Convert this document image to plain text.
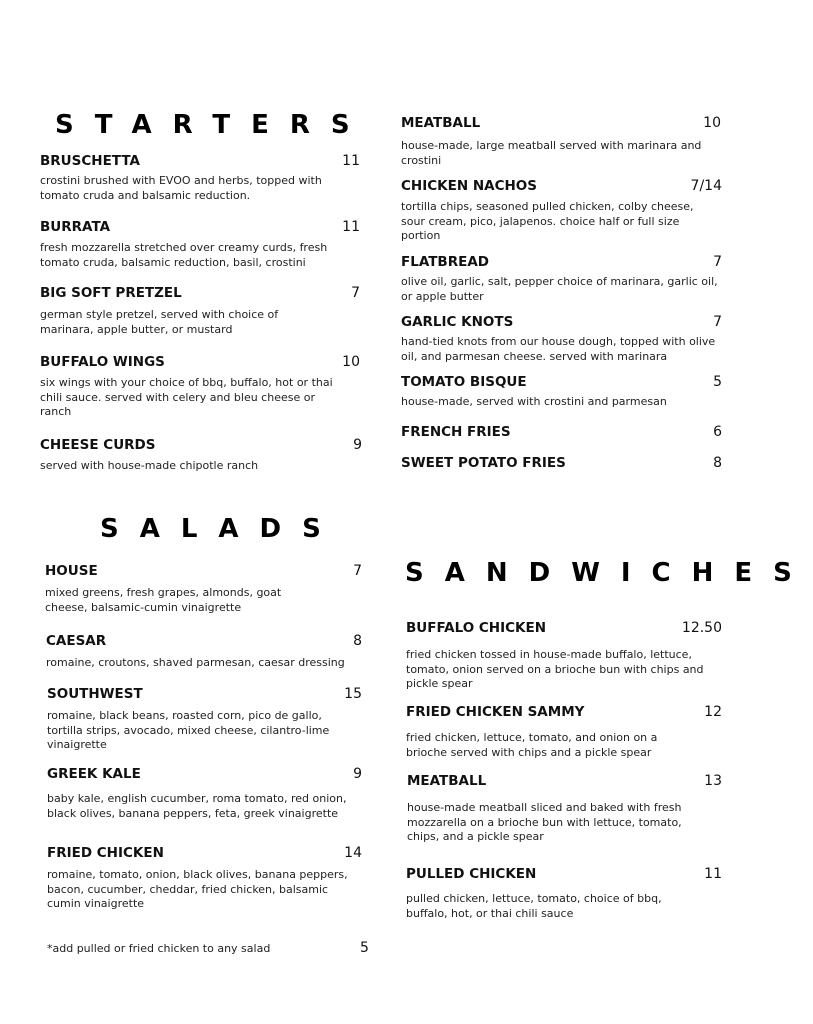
STARTERS
SALADS
SANDWICHES
BRUSCHETTA	11
crostini brushed with EVOO and herbs, topped with tomato cruda and balsamic reduction.
BURRATA	11
fresh mozzarella stretched over creamy curds, fresh tomato cruda, balsamic reduction, basil, crostini
BIG SOFT PRETZEL	7
german style pretzel, served with choice of marinara, apple butter, or mustard
BUFFALO WINGS	10
six wings with your choice of bbq, buffalo, hot or thai chili sauce. served with celery and bleu cheese or ranch
CHEESE CURDS	9
served with house-made chipotle ranch
MEATBALL	10
house-made, large meatball served with marinara and crostini
CHICKEN NACHOS	7/14
tortilla chips, seasoned pulled chicken, colby cheese, sour cream, pico, jalapenos. choice half or full size portion
FLATBREAD	7
olive oil, garlic, salt, pepper choice of marinara, garlic oil, or apple butter
GARLIC KNOTS	7
hand-tied knots from our house dough, topped with olive oil, and parmesan cheese. served with marinara
TOMATO BISQUE	5
house-made, served with crostini and parmesan
FRENCH FRIES	6
SWEET POTATO FRIES	8
HOUSE	7
mixed greens, fresh grapes, almonds, goat cheese, balsamic-cumin vinaigrette
CAESAR	8
romaine, croutons, shaved parmesan, caesar dressing
SOUTHWEST	15
romaine, black beans, roasted corn, pico de gallo, tortilla strips, avocado, mixed cheese, cilantro-lime vinaigrette
GREEK KALE	9
baby kale, english cucumber, roma tomato, red onion, black olives, banana peppers, feta, greek vinaigrette
FRIED CHICKEN	14
romaine, tomato, onion, black olives, banana peppers, bacon, cucumber, cheddar, fried chicken, balsamic cumin vinaigrette
*add pulled or fried chicken to any salad	5
BUFFALO CHICKEN	12.50
fried chicken tossed in house-made buffalo, lettuce, tomato, onion served on a brioche bun with chips and pickle spear
FRIED CHICKEN SAMMY	12
fried chicken, lettuce, tomato, and onion on a brioche served with chips and a pickle spear
MEATBALL	13
house-made meatball sliced and baked with fresh mozzarella on a brioche bun with lettuce, tomato, chips, and a pickle spear
PULLED CHICKEN	11
pulled chicken, lettuce, tomato, choice of bbq, buffalo, hot, or thai chili sauce
